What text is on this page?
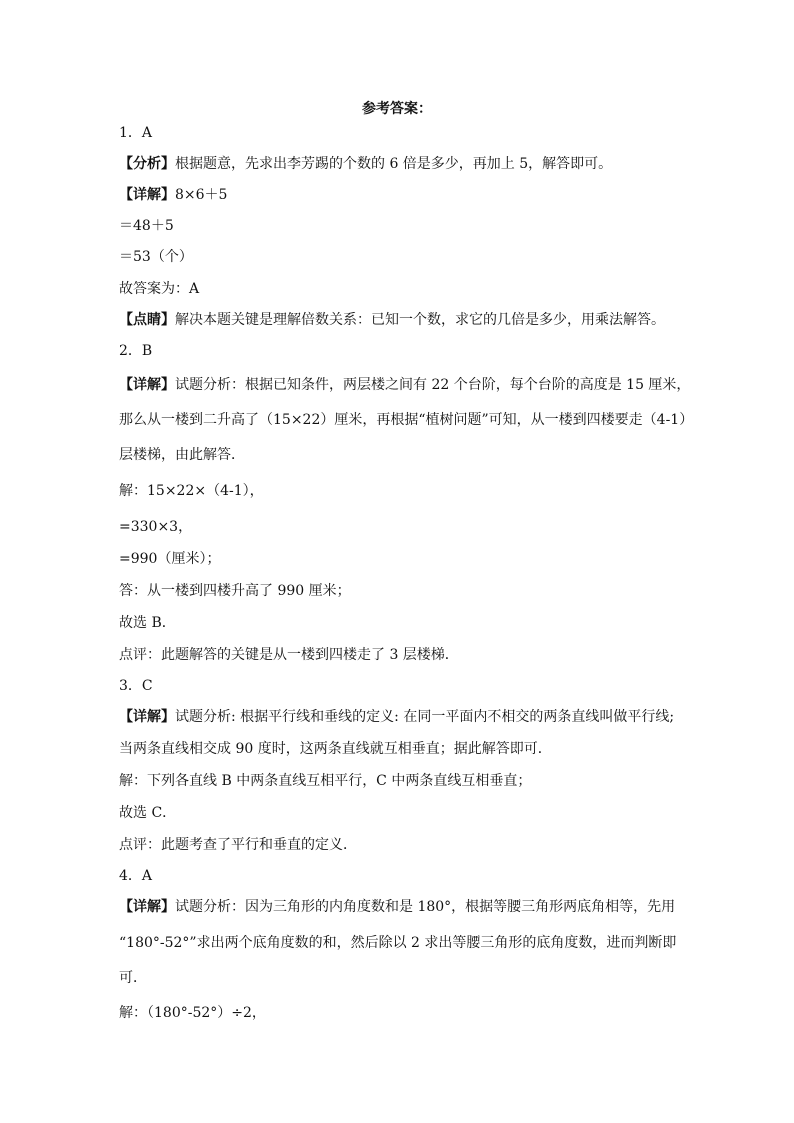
参考答案：
1．A
【分析】根据题意，先求出李芳踢的个数的 6 倍是多少，再加上 5，解答即可。
【详解】8×6＋5
＝48＋5
＝53（个）
故答案为：A
【点睛】解决本题关键是理解倍数关系：已知一个数，求它的几倍是多少，用乘法解答。
2．B
【详解】试题分析：根据已知条件，两层楼之间有 22 个台阶，每个台阶的高度是 15 厘米，
那么从一楼到二升高了（15×22）厘米，再根据“植树问题”可知，从一楼到四楼要走（4-1）
层楼梯，由此解答．
解：15×22×（4-1），
=330×3，
=990（厘米）；
答：从一楼到四楼升高了 990 厘米；
故选 B．
点评：此题解答的关键是从一楼到四楼走了 3 层楼梯．
3．C
【详解】试题分析: 根据平行线和垂线的定义: 在同一平面内不相交的两条直线叫做平行线;
当两条直线相交成 90 度时，这两条直线就互相垂直；据此解答即可．
解：下列各直线 B 中两条直线互相平行，C 中两条直线互相垂直；
故选 C．
点评：此题考查了平行和垂直的定义．
4．A
【详解】试题分析：因为三角形的内角度数和是 180°，根据等腰三角形两底角相等，先用
“180°-52°”求出两个底角度数的和，然后除以 2 求出等腰三角形的底角度数，进而判断即
可．
解：（180°-52°）÷2，
